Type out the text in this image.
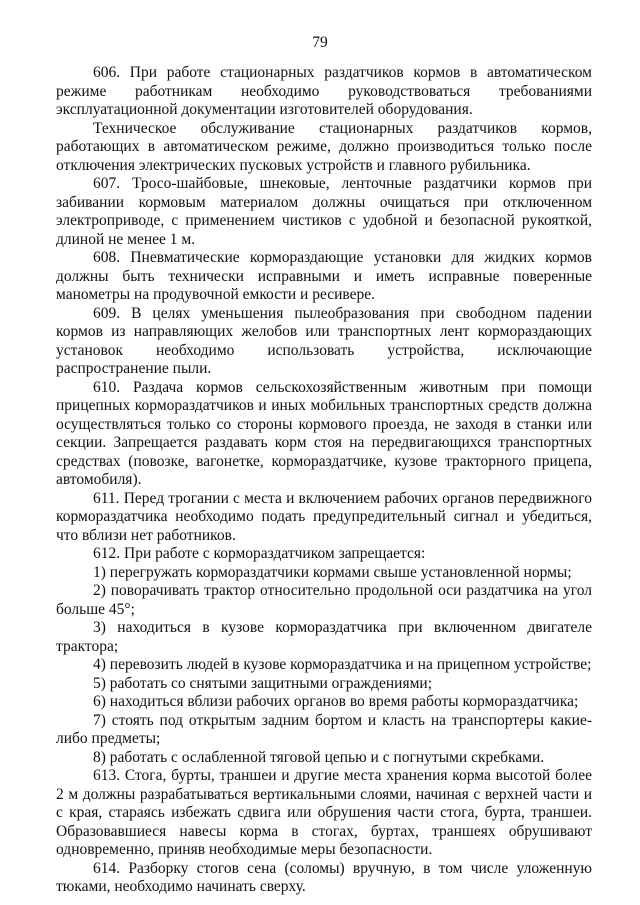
79

606. При работе стационарных раздатчиков кормов в автоматическом режиме работникам необходимо руководствоваться требованиями эксплуатационной документации изготовителей оборудования.

Техническое обслуживание стационарных раздатчиков кормов, работающих в автоматическом режиме, должно производиться только после отключения электрических пусковых устройств и главного рубильника.

607. Тросо-шайбовые, шнековые, ленточные раздатчики кормов при забивании кормовым материалом должны очищаться при отключенном электроприводе, с применением чистиков с удобной и безопасной рукояткой, длиной не менее 1 м.

608. Пневматические кормораздающие установки для жидких кормов должны быть технически исправными и иметь исправные поверенные манометры на продувочной емкости и ресивере.

609. В целях уменьшения пылеобразования при свободном падении кормов из направляющих желобов или транспортных лент кормораздающих установок необходимо использовать устройства, исключающие распространение пыли.

610. Раздача кормов сельскохозяйственным животным при помощи прицепных кормораздатчиков и иных мобильных транспортных средств должна осуществляться только со стороны кормового проезда, не заходя в станки или секции. Запрещается раздавать корм стоя на передвигающихся транспортных средствах (повозке, вагонетке, кормораздатчике, кузове тракторного прицепа, автомобиля).

611. Перед трогании с места и включением рабочих органов передвижного кормораздатчика необходимо подать предупредительный сигнал и убедиться, что вблизи нет работников.

612. При работе с кормораздатчиком запрещается:

1) перегружать кормораздатчики кормами свыше установленной нормы;

2) поворачивать трактор относительно продольной оси раздатчика на угол больше 45°;

3) находиться в кузове кормораздатчика при включенном двигателе трактора;

4) перевозить людей в кузове кормораздатчика и на прицепном устройстве;

5) работать со снятыми защитными ограждениями;

6) находиться вблизи рабочих органов во время работы кормораздатчика;

7) стоять под открытым задним бортом и класть на транспортеры какие-либо предметы;

8) работать с ослабленной тяговой цепью и с погнутыми скребками.

613. Стога, бурты, траншеи и другие места хранения корма высотой более 2 м должны разрабатываться вертикальными слоями, начиная с верхней части и с края, стараясь избежать сдвига или обрушения части стога, бурта, траншеи. Образовавшиеся навесы корма в стогах, буртах, траншеях обрушивают одновременно, приняв необходимые меры безопасности.

614. Разборку стогов сена (соломы) вручную, в том числе уложенную тюками, необходимо начинать сверху.
